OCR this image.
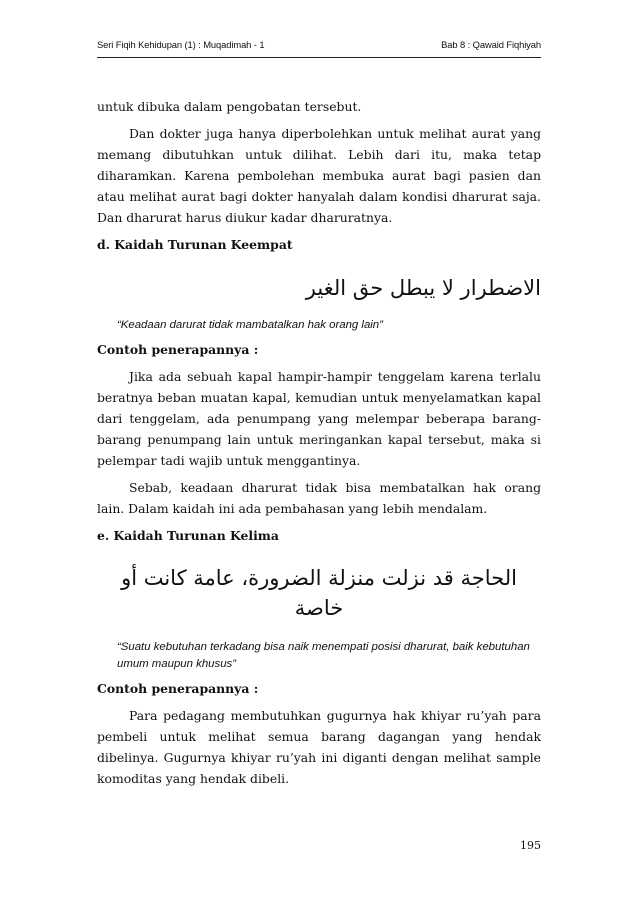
Seri Fiqih Kehidupan (1) : Muqadimah - 1	Bab 8 : Qawaid Fiqhiyah

untuk dibuka dalam pengobatan tersebut.

Dan dokter juga hanya diperbolehkan untuk melihat aurat yang memang dibutuhkan untuk dilihat. Lebih dari itu, maka tetap diharamkan. Karena pembolehan membuka aurat bagi pasien dan atau melihat aurat bagi dokter hanyalah dalam kondisi dharurat saja. Dan dharurat harus diukur kadar dharuratnya.

d. Kaidah Turunan Keempat

الاضطرار لا يبطل حق الغير

“Keadaan darurat tidak mambatalkan hak orang lain”

Contoh penerapannya :

Jika ada sebuah kapal hampir-hampir tenggelam karena terlalu beratnya beban muatan kapal, kemudian untuk menyelamatkan kapal dari tenggelam, ada penumpang yang melempar beberapa barang-barang penumpang lain untuk meringankan kapal tersebut, maka si pelempar tadi wajib untuk menggantinya.

Sebab, keadaan dharurat tidak bisa membatalkan hak orang lain. Dalam kaidah ini ada pembahasan yang lebih mendalam.

e. Kaidah Turunan Kelima

الحاجة قد نزلت منزلة الضرورة، عامة كانت أو خاصة

“Suatu kebutuhan terkadang bisa naik menempati posisi dharurat, baik kebutuhan umum maupun khusus”

Contoh penerapannya :

Para pedagang membutuhkan gugurnya hak khiyar ru’yah para pembeli untuk melihat semua barang dagangan yang hendak dibelinya. Gugurnya khiyar ru’yah ini diganti dengan melihat sample komoditas yang hendak dibeli.

195
